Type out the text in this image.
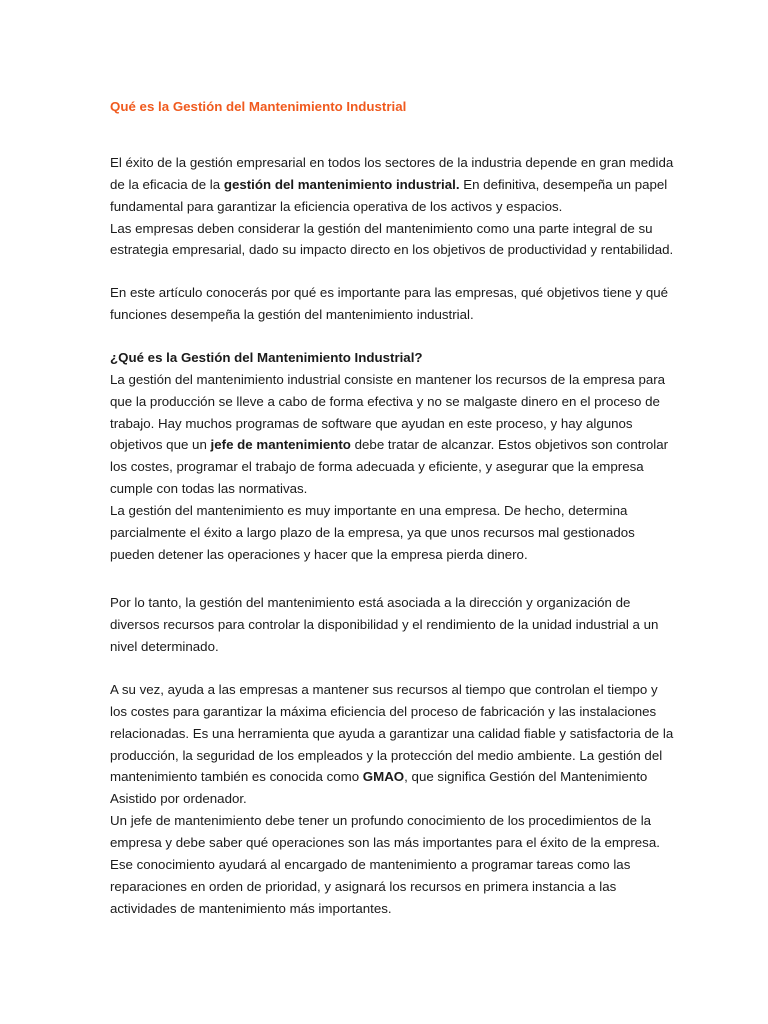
Qué es la Gestión del Mantenimiento Industrial
El éxito de la gestión empresarial en todos los sectores de la industria depende en gran medida
de la eficacia de la gestión del mantenimiento industrial. En definitiva, desempeña un papel
fundamental para garantizar la eficiencia operativa de los activos y espacios.
Las empresas deben considerar la gestión del mantenimiento como una parte integral de su
estrategia empresarial, dado su impacto directo en los objetivos de productividad y rentabilidad.
En este artículo conocerás por qué es importante para las empresas, qué objetivos tiene y qué
funciones desempeña la gestión del mantenimiento industrial.
¿Qué es la Gestión del Mantenimiento Industrial?
La gestión del mantenimiento industrial consiste en mantener los recursos de la empresa para
que la producción se lleve a cabo de forma efectiva y no se malgaste dinero en el proceso de
trabajo. Hay muchos programas de software que ayudan en este proceso, y hay algunos
objetivos que un jefe de mantenimiento debe tratar de alcanzar. Estos objetivos son controlar
los costes, programar el trabajo de forma adecuada y eficiente, y asegurar que la empresa
cumple con todas las normativas.
La gestión del mantenimiento es muy importante en una empresa. De hecho, determina
parcialmente el éxito a largo plazo de la empresa, ya que unos recursos mal gestionados
pueden detener las operaciones y hacer que la empresa pierda dinero.
Por lo tanto, la gestión del mantenimiento está asociada a la dirección y organización de
diversos recursos para controlar la disponibilidad y el rendimiento de la unidad industrial a un
nivel determinado.
A su vez, ayuda a las empresas a mantener sus recursos al tiempo que controlan el tiempo y
los costes para garantizar la máxima eficiencia del proceso de fabricación y las instalaciones
relacionadas. Es una herramienta que ayuda a garantizar una calidad fiable y satisfactoria de la
producción, la seguridad de los empleados y la protección del medio ambiente. La gestión del
mantenimiento también es conocida como GMAO, que significa Gestión del Mantenimiento
Asistido por ordenador.
Un jefe de mantenimiento debe tener un profundo conocimiento de los procedimientos de la
empresa y debe saber qué operaciones son las más importantes para el éxito de la empresa.
Ese conocimiento ayudará al encargado de mantenimiento a programar tareas como las
reparaciones en orden de prioridad, y asignará los recursos en primera instancia a las
actividades de mantenimiento más importantes.
